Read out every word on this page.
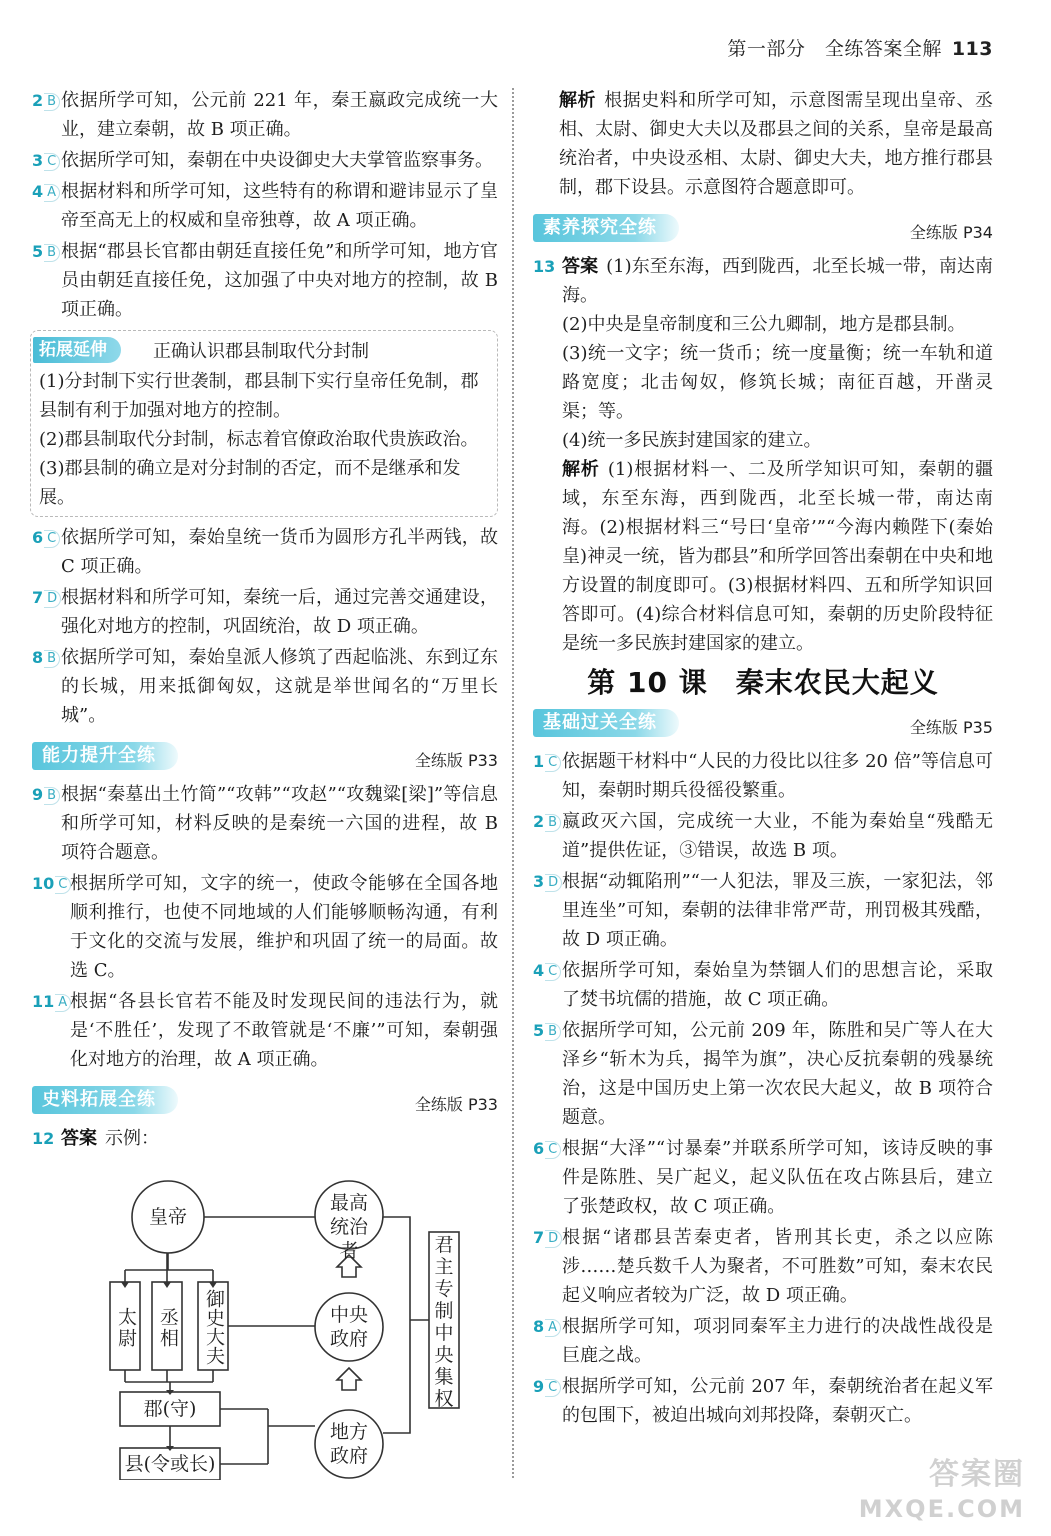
第一部分　全练答案全解 113
2 B 依据所学可知，公元前 221 年，秦王嬴政完成统一大业，建立秦朝，故 B 项正确。
3 C 依据所学可知，秦朝在中央设御史大夫掌管监察事务。
4 A 根据材料和所学可知，这些特有的称谓和避讳显示了皇帝至高无上的权威和皇帝独尊，故 A 项正确。
5 B 根据“郡县长官都由朝廷直接任免”和所学可知，地方官员由朝廷直接任免，这加强了中央对地方的控制，故 B 项正确。
拓展延伸	正确认识郡县制取代分封制
(1)分封制下实行世袭制，郡县制下实行皇帝任免制，郡县制有利于加强对地方的控制。
(2)郡县制取代分封制，标志着官僚政治取代贵族政治。
(3)郡县制的确立是对分封制的否定，而不是继承和发展。
6 C 依据所学可知，秦始皇统一货币为圆形方孔半两钱，故 C 项正确。
7 D 根据材料和所学可知，秦统一后，通过完善交通建设，强化对地方的控制，巩固统治，故 D 项正确。
8 B 依据所学可知，秦始皇派人修筑了西起临洮、东到辽东的长城，用来抵御匈奴，这就是举世闻名的“万里长城”。
能力提升全练	全练版 P33
9 B 根据“秦墓出土竹简”“攻韩”“攻赵”“攻魏粱[梁]”等信息和所学可知，材料反映的是秦统一六国的进程，故 B 项符合题意。
10 C 根据所学可知，文字的统一，使政令能够在全国各地顺利推行，也使不同地域的人们能够顺畅沟通，有利于文化的交流与发展，维护和巩固了统一的局面。故选 C。
11 A 根据“各县长官若不能及时发现民间的违法行为，就是‘不胜任’，发现了不敢管就是‘不廉’”可知，秦朝强化对地方的治理，故 A 项正确。
史料拓展全练	全练版 P33
12 答案 示例：
皇帝
太尉 丞相 御史大夫
郡(守)
县(令或长)
最高统治者
中央政府
地方政府
君主专制中央集权
解析 根据史料和所学可知，示意图需呈现出皇帝、丞相、太尉、御史大夫以及郡县之间的关系，皇帝是最高统治者，中央设丞相、太尉、御史大夫，地方推行郡县制，郡下设县。示意图符合题意即可。
素养探究全练	全练版 P34
13 答案 (1)东至东海，西到陇西，北至长城一带，南达南海。
(2)中央是皇帝制度和三公九卿制，地方是郡县制。
(3)统一文字；统一货币；统一度量衡；统一车轨和道路宽度；北击匈奴，修筑长城；南征百越，开凿灵渠；等。
(4)统一多民族封建国家的建立。
解析 (1)根据材料一、二及所学知识可知，秦朝的疆域，东至东海，西到陇西，北至长城一带，南达南海。(2)根据材料三“号曰‘皇帝’”“今海内赖陛下(秦始皇)神灵一统，皆为郡县”和所学回答出秦朝在中央和地方设置的制度即可。(3)根据材料四、五和所学知识回答即可。(4)综合材料信息可知，秦朝的历史阶段特征是统一多民族封建国家的建立。
第 10 课 秦末农民大起义
基础过关全练	全练版 P35
1 C 依据题干材料中“人民的力役比以往多 20 倍”等信息可知，秦朝时期兵役徭役繁重。
2 B 嬴政灭六国，完成统一大业，不能为秦始皇“残酷无道”提供佐证，③错误，故选 B 项。
3 D 根据“动辄陷刑”“一人犯法，罪及三族，一家犯法，邻里连坐”可知，秦朝的法律非常严苛，刑罚极其残酷，故 D 项正确。
4 C 依据所学可知，秦始皇为禁锢人们的思想言论，采取了焚书坑儒的措施，故 C 项正确。
5 B 依据所学可知，公元前 209 年，陈胜和吴广等人在大泽乡“斩木为兵，揭竿为旗”，决心反抗秦朝的残暴统治，这是中国历史上第一次农民大起义，故 B 项符合题意。
6 C 根据“大泽”“讨暴秦”并联系所学可知，该诗反映的事件是陈胜、吴广起义，起义队伍在攻占陈县后，建立了张楚政权，故 C 项正确。
7 D 根据“诸郡县苦秦吏者，皆刑其长吏，杀之以应陈涉……楚兵数千人为聚者，不可胜数”可知，秦末农民起义响应者较为广泛，故 D 项正确。
8 A 根据所学可知，项羽同秦军主力进行的决战性战役是巨鹿之战。
9 C 根据所学可知，公元前 207 年，秦朝统治者在起义军的包围下，被迫出城向刘邦投降，秦朝灭亡。
答案圈
MXQE.COM
